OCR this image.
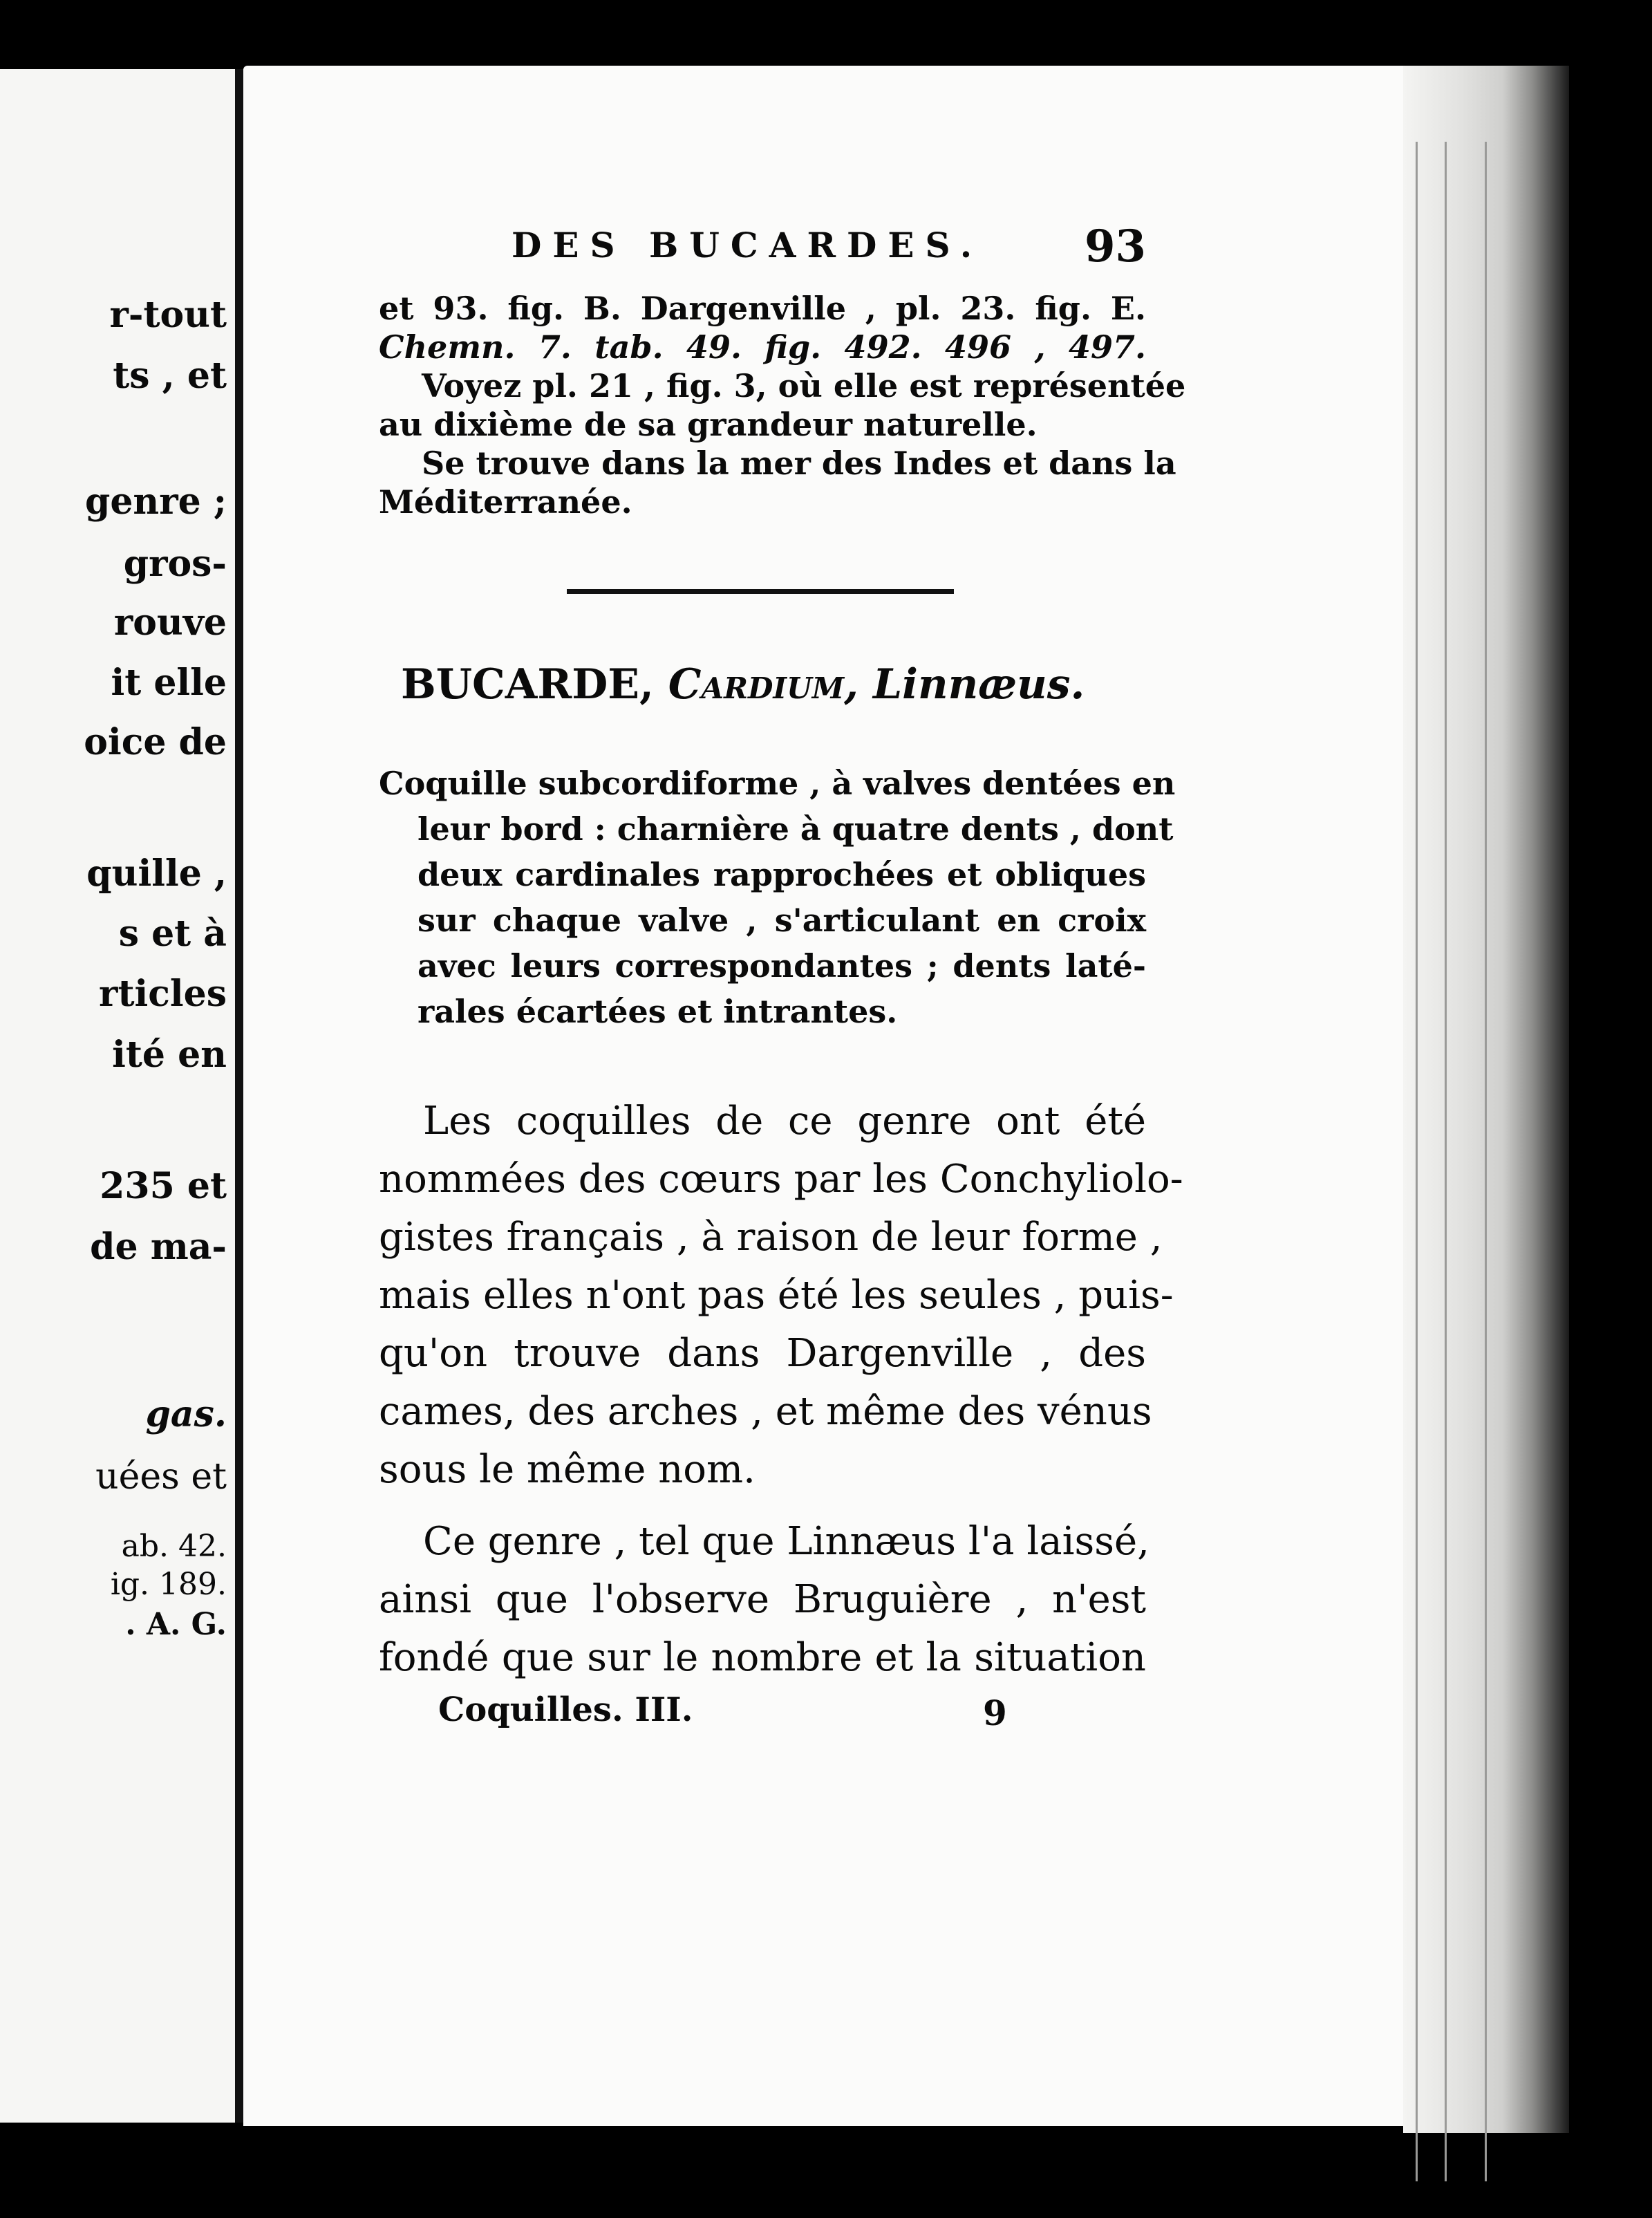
r-tout
ts , et
genre ;
gros-
rouve
it elle
oice de
quille ,
s et à
rticles
ité en
235 et
de ma-
gas.
uées et
ab. 42.
ig. 189.
. A. G.
DES BUCARDES. 93
et 93. fig. B. Dargenville , pl. 23. fig. E.
Chemn. 7. tab. 49. fig. 492. 496 , 497.
Voyez pl. 21 , fig. 3, où elle est représentée
au dixième de sa grandeur naturelle.
Se trouve dans la mer des Indes et dans la
Méditerranée.
BUCARDE, Cardium, Linnæus.
Coquille subcordiforme , à valves dentées en
leur bord : charnière à quatre dents , dont
deux cardinales rapprochées et obliques
sur chaque valve , s'articulant en croix
avec leurs correspondantes ; dents laté-
rales écartées et intrantes.
Les coquilles de ce genre ont été
nommées des cœurs par les Conchyliolo-
gistes français , à raison de leur forme ,
mais elles n'ont pas été les seules , puis-
qu'on trouve dans Dargenville , des
cames, des arches , et même des vénus
sous le même nom.
Ce genre , tel que Linnæus l'a laissé,
ainsi que l'observe Bruguière , n'est
fondé que sur le nombre et la situation
Coquilles. III.	9
